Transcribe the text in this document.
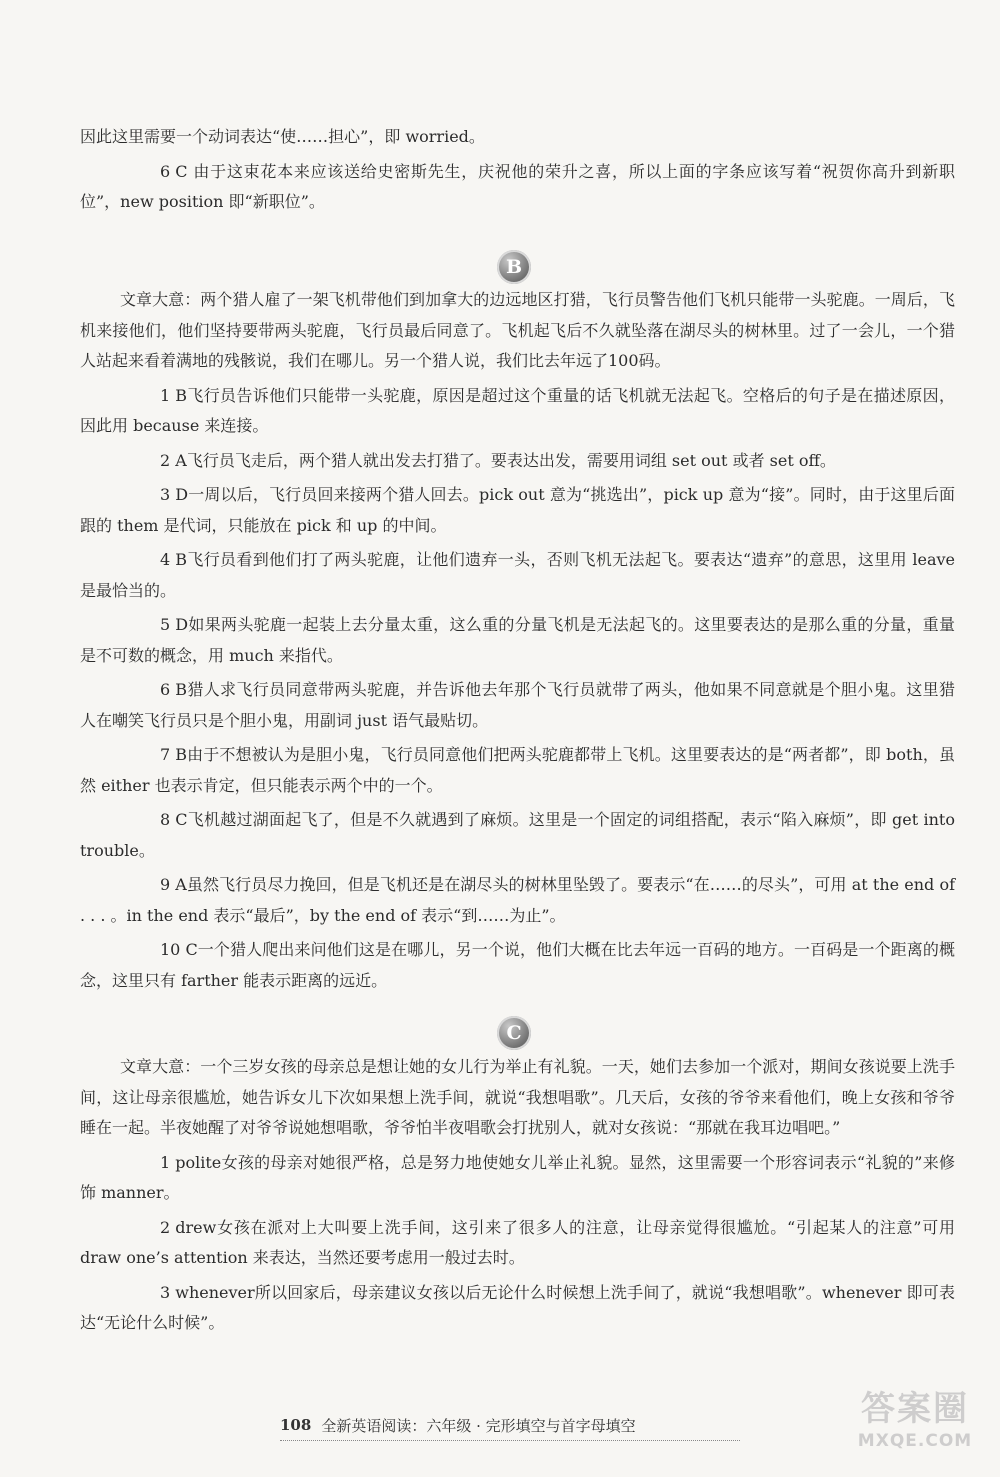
因此这里需要一个动词表达“使……担心”，即 worried。

6 C 由于这束花本来应该送给史密斯先生，庆祝他的荣升之喜，所以上面的字条应该写着“祝贺你高升到新职位”，new position 即“新职位”。

B

文章大意：两个猎人雇了一架飞机带他们到加拿大的边远地区打猎，飞行员警告他们飞机只能带一头驼鹿。一周后，飞机来接他们，他们坚持要带两头驼鹿，飞行员最后同意了。飞机起飞后不久就坠落在湖尽头的树林里。过了一会儿，一个猎人站起来看着满地的残骸说，我们在哪儿。另一个猎人说，我们比去年远了100码。

1 B飞行员告诉他们只能带一头驼鹿，原因是超过这个重量的话飞机就无法起飞。空格后的句子是在描述原因，因此用 because 来连接。

2 A飞行员飞走后，两个猎人就出发去打猎了。要表达出发，需要用词组 set out 或者 set off。

3 D一周以后，飞行员回来接两个猎人回去。pick out 意为“挑选出”，pick up 意为“接”。同时，由于这里后面跟的 them 是代词，只能放在 pick 和 up 的中间。

4 B飞行员看到他们打了两头驼鹿，让他们遗弃一头，否则飞机无法起飞。要表达“遗弃”的意思，这里用 leave 是最恰当的。

5 D如果两头驼鹿一起装上去分量太重，这么重的分量飞机是无法起飞的。这里要表达的是那么重的分量，重量是不可数的概念，用 much 来指代。

6 B猎人求飞行员同意带两头驼鹿，并告诉他去年那个飞行员就带了两头，他如果不同意就是个胆小鬼。这里猎人在嘲笑飞行员只是个胆小鬼，用副词 just 语气最贴切。

7 B由于不想被认为是胆小鬼，飞行员同意他们把两头驼鹿都带上飞机。这里要表达的是“两者都”，即 both，虽然 either 也表示肯定，但只能表示两个中的一个。

8 C飞机越过湖面起飞了，但是不久就遇到了麻烦。这里是一个固定的词组搭配，表示“陷入麻烦”，即 get into trouble。

9 A虽然飞行员尽力挽回，但是飞机还是在湖尽头的树林里坠毁了。要表示“在……的尽头”，可用 at the end of . . . 。in the end 表示“最后”，by the end of 表示“到……为止”。

10 C一个猎人爬出来问他们这是在哪儿，另一个说，他们大概在比去年远一百码的地方。一百码是一个距离的概念，这里只有 farther 能表示距离的远近。

C

文章大意：一个三岁女孩的母亲总是想让她的女儿行为举止有礼貌。一天，她们去参加一个派对，期间女孩说要上洗手间，这让母亲很尴尬，她告诉女儿下次如果想上洗手间，就说“我想唱歌”。几天后，女孩的爷爷来看他们，晚上女孩和爷爷睡在一起。半夜她醒了对爷爷说她想唱歌，爷爷怕半夜唱歌会打扰别人，就对女孩说：“那就在我耳边唱吧。”

1 polite女孩的母亲对她很严格，总是努力地使她女儿举止礼貌。显然，这里需要一个形容词表示“礼貌的”来修饰 manner。

2 drew女孩在派对上大叫要上洗手间，这引来了很多人的注意，让母亲觉得很尴尬。“引起某人的注意”可用 draw one’s attention 来表达，当然还要考虑用一般过去时。

3 whenever所以回家后，母亲建议女孩以后无论什么时候想上洗手间了，就说“我想唱歌”。whenever 即可表达“无论什么时候”。

108 全新英语阅读：六年级 · 完形填空与首字母填空	答案圈
MXQE.COM
